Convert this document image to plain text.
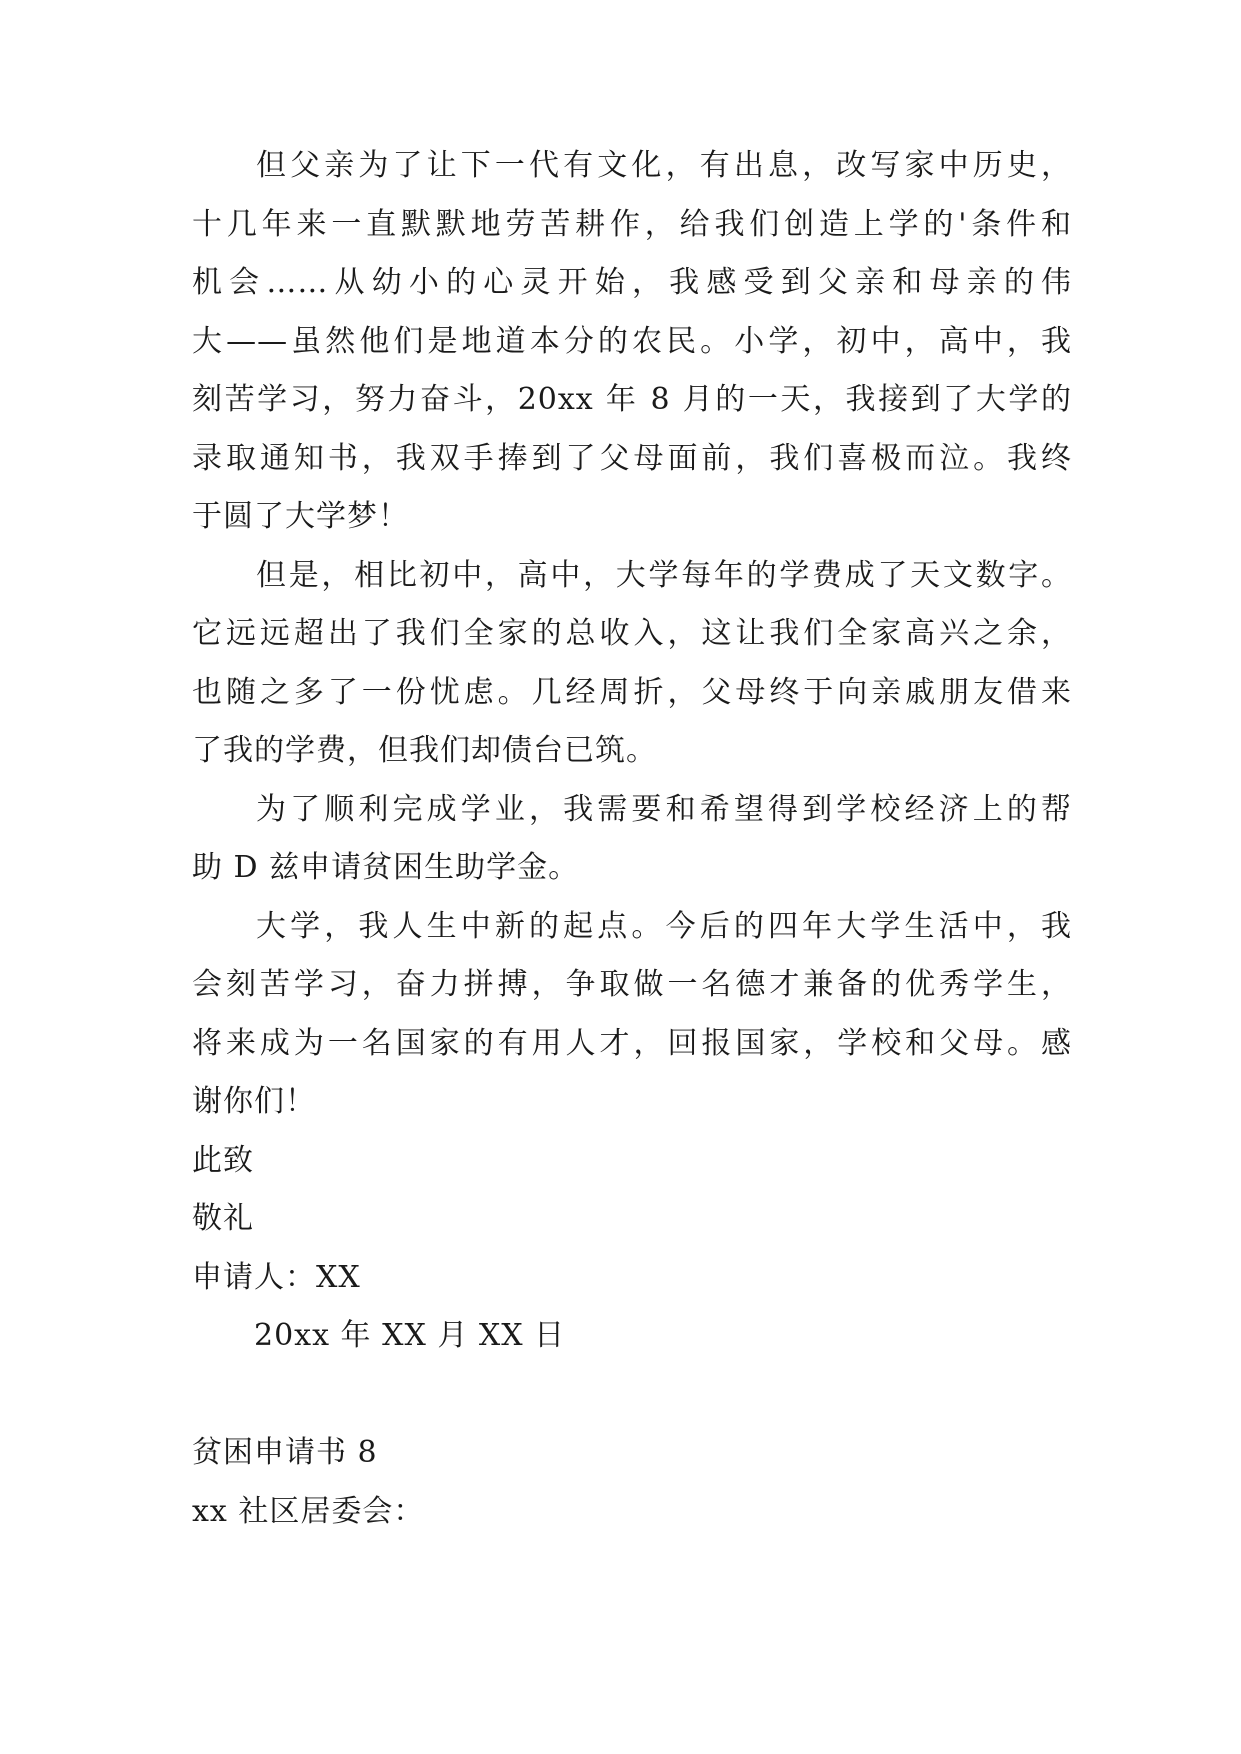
但父亲为了让下一代有文化，有出息，改写家中历史，
十几年来一直默默地劳苦耕作，给我们创造上学的'条件和
机会……从幼小的心灵开始，我感受到父亲和母亲的伟
大——虽然他们是地道本分的农民。小学，初中，高中，我
刻苦学习，努力奋斗，20xx 年 8 月的一天，我接到了大学的
录取通知书，我双手捧到了父母面前，我们喜极而泣。我终
于圆了大学梦！
但是，相比初中，高中，大学每年的学费成了天文数字。
它远远超出了我们全家的总收入，这让我们全家高兴之余，
也随之多了一份忧虑。几经周折，父母终于向亲戚朋友借来
了我的学费，但我们却债台已筑。
为了顺利完成学业，我需要和希望得到学校经济上的帮
助 D 兹申请贫困生助学金。
大学，我人生中新的起点。今后的四年大学生活中，我
会刻苦学习，奋力拼搏，争取做一名德才兼备的优秀学生，
将来成为一名国家的有用人才，回报国家，学校和父母。感
谢你们！
此致
敬礼
申请人：XX
20xx 年 XX 月 XX 日
贫困申请书 8
xx 社区居委会：
